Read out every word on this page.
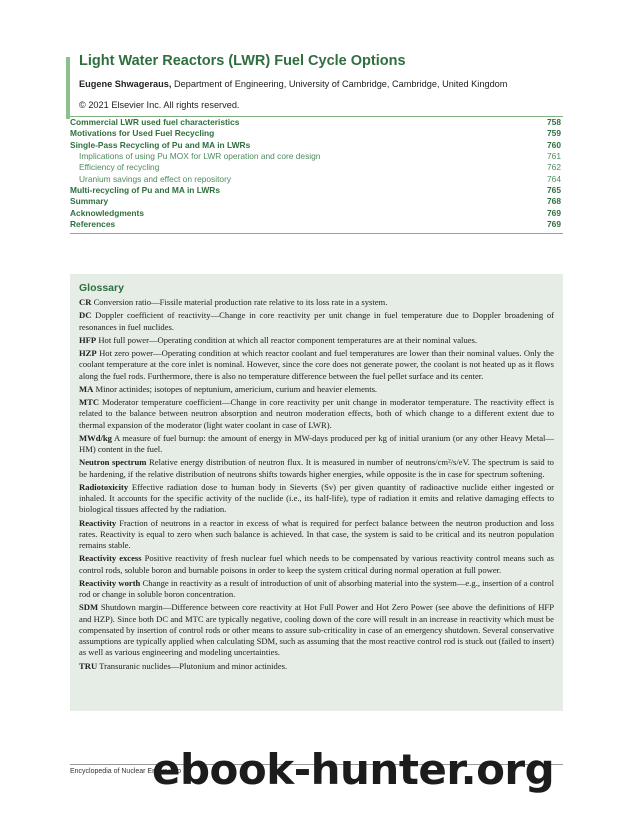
Light Water Reactors (LWR) Fuel Cycle Options
Eugene Shwageraus, Department of Engineering, University of Cambridge, Cambridge, United Kingdom
© 2021 Elsevier Inc. All rights reserved.
Commercial LWR used fuel characteristics	758
Motivations for Used Fuel Recycling	759
Single-Pass Recycling of Pu and MA in LWRs	760
Implications of using Pu MOX for LWR operation and core design	761
Efficiency of recycling	762
Uranium savings and effect on repository	764
Multi-recycling of Pu and MA in LWRs	765
Summary	768
Acknowledgments	769
References	769
Glossary
CR Conversion ratio—Fissile material production rate relative to its loss rate in a system.
DC Doppler coefficient of reactivity—Change in core reactivity per unit change in fuel temperature due to Doppler broadening of resonances in fuel nuclides.
HFP Hot full power—Operating condition at which all reactor component temperatures are at their nominal values.
HZP Hot zero power—Operating condition at which reactor coolant and fuel temperatures are lower than their nominal values. Only the coolant temperature at the core inlet is nominal. However, since the core does not generate power, the coolant is not heated up as it flows along the fuel rods. Furthermore, there is also no temperature difference between the fuel pellet surface and its center.
MA Minor actinides; isotopes of neptunium, americium, curium and heavier elements.
MTC Moderator temperature coefficient—Change in core reactivity per unit change in moderator temperature. The reactivity effect is related to the balance between neutron absorption and neutron moderation effects, both of which change to a different extent due to thermal expansion of the moderator (light water coolant in case of LWR).
MWd/kg A measure of fuel burnup: the amount of energy in MW-days produced per kg of initial uranium (or any other Heavy Metal—HM) content in the fuel.
Neutron spectrum Relative energy distribution of neutron flux. It is measured in number of neutrons/cm²/s/eV. The spectrum is said to be hardening, if the relative distribution of neutrons shifts towards higher energies, while opposite is the in case for spectrum softening.
Radiotoxicity Effective radiation dose to human body in Sieverts (Sv) per given quantity of radioactive nuclide either ingested or inhaled. It accounts for the specific activity of the nuclide (i.e., its half-life), type of radiation it emits and relative damaging effects to biological tissues affected by the radiation.
Reactivity Fraction of neutrons in a reactor in excess of what is required for perfect balance between the neutron production and loss rates. Reactivity is equal to zero when such balance is achieved. In that case, the system is said to be critical and its neutron population remains stable.
Reactivity excess Positive reactivity of fresh nuclear fuel which needs to be compensated by various reactivity control means such as control rods, soluble boron and burnable poisons in order to keep the system critical during normal operation at full power.
Reactivity worth Change in reactivity as a result of introduction of unit of absorbing material into the system—e.g., insertion of a control rod or change in soluble boron concentration.
SDM Shutdown margin—Difference between core reactivity at Hot Full Power and Hot Zero Power (see above the definitions of HFP and HZP). Since both DC and MTC are typically negative, cooling down of the core will result in an increase in reactivity which must be compensated by insertion of control rods or other means to assure sub-criticality in case of an emergency shutdown. Several conservative assumptions are typically applied when calculating SDM, such as assuming that the most reactive control rod is stuck out (failed to insert) as well as various engineering and modeling uncertainties.
TRU Transuranic nuclides—Plutonium and minor actinides.
Encyclopedia of Nuclear Energy, Vo
ebook-hunter.org
